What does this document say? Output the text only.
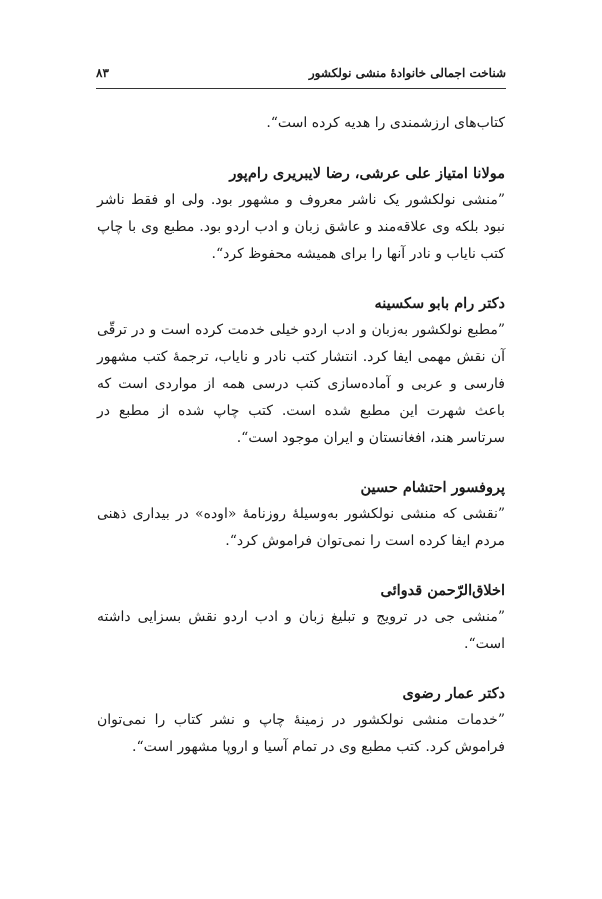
شناخت اجمالی خانوادهٔ منشی نولکشور
۸۳

کتاب‌های ارزشمندی را هدیه کرده است“.

مولانا امتیاز علی عرشی، رضا لایبریری رام‌پور

”منشی نولکشور یک ناشر معروف و مشهور بود. ولی او فقط ناشر نبود بلکه وی علاقه‌مند و عاشق زبان و ادب اردو بود. مطبع وی با چاپ کتب نایاب و نادر آنها را برای همیشه محفوظ کرد“.

دکتر رام بابو سکسینه

”مطبع نولکشور به‌زبان و ادب اردو خیلی خدمت کرده است و در ترقّی آن نقش مهمی ایفا کرد. انتشار کتب نادر و نایاب، ترجمهٔ کتب مشهور فارسی و عربی و آماده‌سازی کتب درسی همه از مواردی است که باعث شهرت این مطبع شده است. کتب چاپ شده از مطبع در سرتاسر هند، افغانستان و ایران موجود است“.

پروفسور احتشام حسین

”نقشی که منشی نولکشور به‌وسیلهٔ روزنامهٔ «اوده» در بیداری ذهنی مردم ایفا کرده است را نمی‌توان فراموش کرد“.

اخلاق‌الرّحمن قدوائی

”منشی جی در ترویج و تبلیغ زبان و ادب اردو نقش بسزایی داشته است“.

دکتر عمار رضوی

”خدمات منشی نولکشور در زمینهٔ چاپ و نشر کتاب را نمی‌توان فراموش کرد. کتب مطبع وی در تمام آسیا و اروپا مشهور است“.
